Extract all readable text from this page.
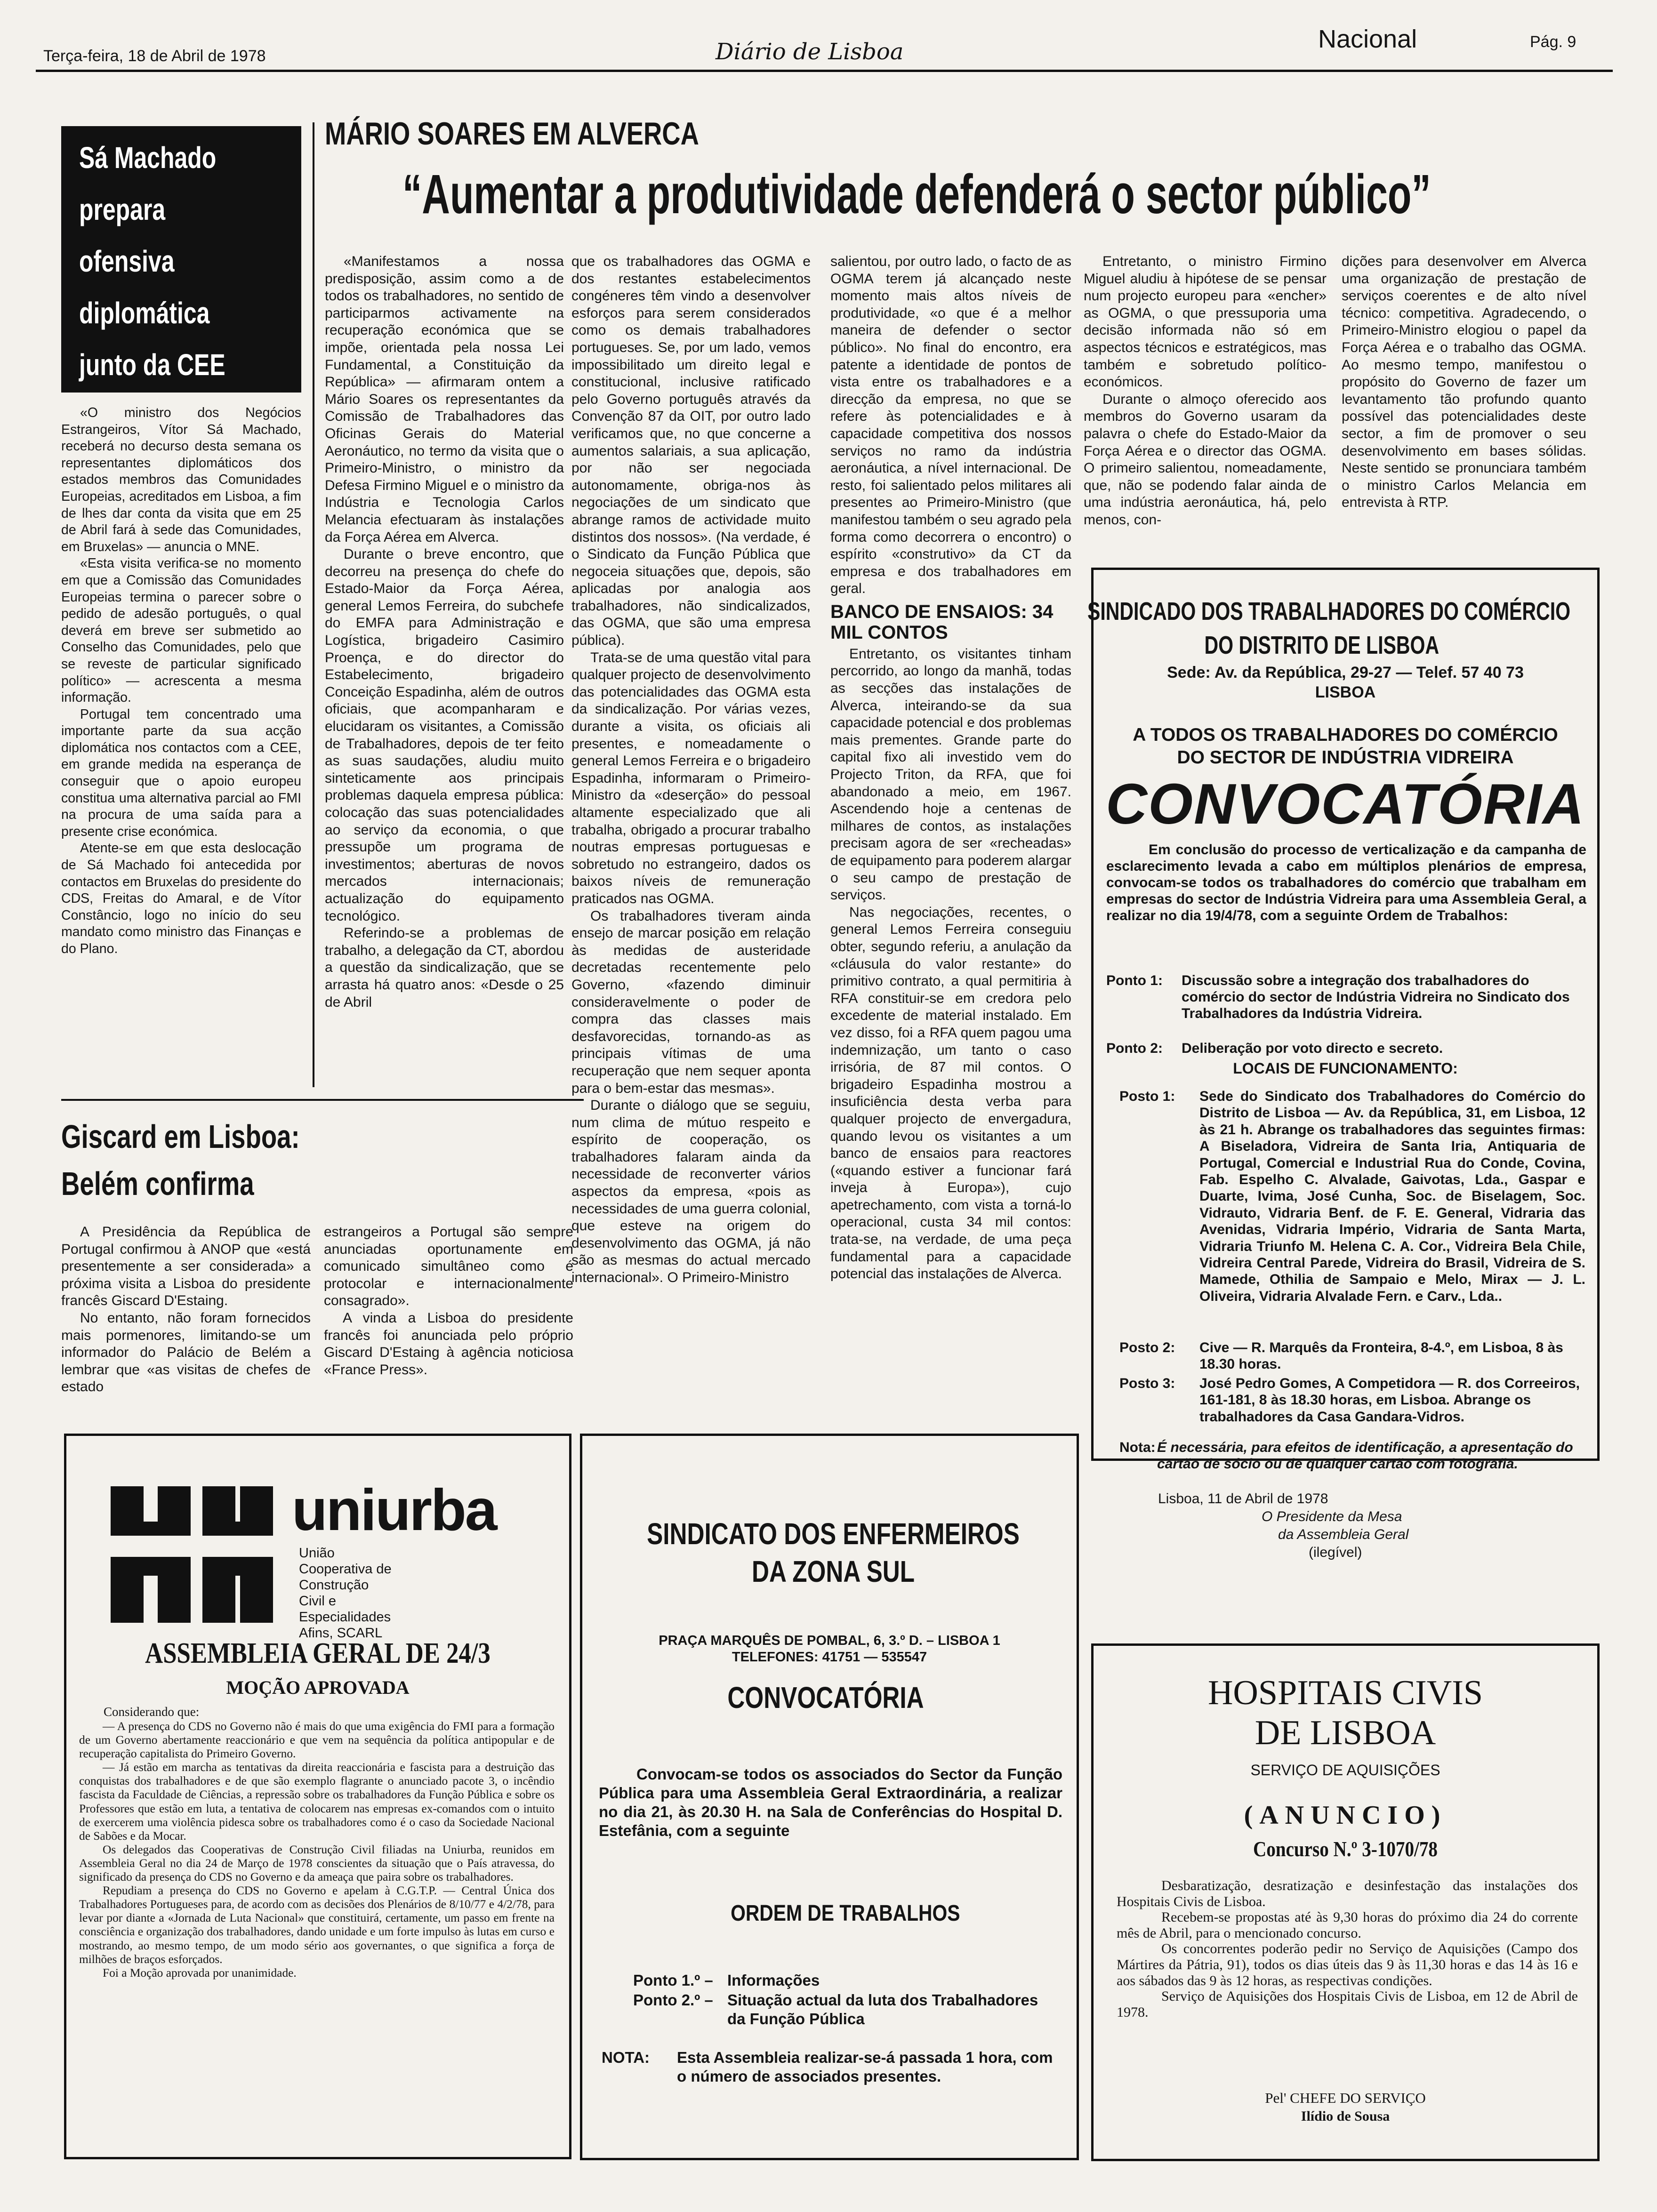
Terça-feira, 18 de Abril de 1978	Diário de Lisboa	Nacional	Pág. 9
Sá Machado
prepara
ofensiva
diplomática
junto da CEE

«O ministro dos Negócios Estrangeiros, Vítor Sá Machado, receberá no decurso desta semana os representantes diplomáticos dos estados membros das Comunidades Europeias, acreditados em Lisboa, a fim de lhes dar conta da visita que em 25 de Abril fará à sede das Comunidades, em Bruxelas» — anuncia o MNE.

«Esta visita verifica-se no momento em que a Comissão das Comunidades Europeias termina o parecer sobre o pedido de adesão português, o qual deverá em breve ser submetido ao Conselho das Comunidades, pelo que se reveste de particular significado político» — acrescenta a mesma informação.

Portugal tem concentrado uma importante parte da sua acção diplomática nos contactos com a CEE, em grande medida na esperança de conseguir que o apoio europeu constitua uma alternativa parcial ao FMI na procura de uma saída para a presente crise económica.

Atente-se em que esta deslocação de Sá Machado foi antecedida por contactos em Bruxelas do presidente do CDS, Freitas do Amaral, e de Vítor Constâncio, logo no início do seu mandato como ministro das Finanças e do Plano.

MÁRIO SOARES EM ALVERCA
“Aumentar a produtividade defenderá o sector público”

«Manifestamos a nossa predisposição, assim como a de todos os trabalhadores, no sentido de participarmos activamente na recuperação económica que se impõe, orientada pela nossa Lei Fundamental, a Constituição da República» — afirmaram ontem a Mário Soares os representantes da Comissão de Trabalhadores das Oficinas Gerais do Material Aeronáutico, no termo da visita que o Primeiro-Ministro, o ministro da Defesa Firmino Miguel e o ministro da Indústria e Tecnologia Carlos Melancia efectuaram às instalações da Força Aérea em Alverca.

Durante o breve encontro, que decorreu na presença do chefe do Estado-Maior da Força Aérea, general Lemos Ferreira, do subchefe do EMFA para Administração e Logística, brigadeiro Casimiro Proença, e do director do Estabelecimento, brigadeiro Conceição Espadinha, além de outros oficiais, que acompanharam e elucidaram os visitantes, a Comissão de Trabalhadores, depois de ter feito as suas saudações, aludiu muito sinteticamente aos principais problemas daquela empresa pública: colocação das suas potencialidades ao serviço da economia, o que pressupõe um programa de investimentos; aberturas de novos mercados internacionais; actualização do equipamento tecnológico.

Referindo-se a problemas de trabalho, a delegação da CT, abordou a questão da sindicalização, que se arrasta há quatro anos: «Desde o 25 de Abril

que os trabalhadores das OGMA e dos restantes estabelecimentos congéneres têm vindo a desenvolver esforços para serem considerados como os demais trabalhadores portugueses. Se, por um lado, vemos impossibilitado um direito legal e constitucional, inclusive ratificado pelo Governo português através da Convenção 87 da OIT, por outro lado verificamos que, no que concerne a aumentos salariais, a sua aplicação, por não ser negociada autonomamente, obriga-nos às negociações de um sindicato que abrange ramos de actividade muito distintos dos nossos». (Na verdade, é o Sindicato da Função Pública que negoceia situações que, depois, são aplicadas por analogia aos trabalhadores, não sindicalizados, das OGMA, que são uma empresa pública).

Trata-se de uma questão vital para qualquer projecto de desenvolvimento das potencialidades das OGMA esta da sindicalização. Por várias vezes, durante a visita, os oficiais ali presentes, e nomeadamente o general Lemos Ferreira e o brigadeiro Espadinha, informaram o Primeiro-Ministro da «deserção» do pessoal altamente especializado que ali trabalha, obrigado a procurar trabalho noutras empresas portuguesas e sobretudo no estrangeiro, dados os baixos níveis de remuneração praticados nas OGMA.

Os trabalhadores tiveram ainda ensejo de marcar posição em relação às medidas de austeridade decretadas recentemente pelo Governo, «fazendo diminuir consideravelmente o poder de compra das classes mais desfavorecidas, tornando-as as principais vítimas de uma recuperação que nem sequer aponta para o bem-estar das mesmas».

Durante o diálogo que se seguiu, num clima de mútuo respeito e espírito de cooperação, os trabalhadores falaram ainda da necessidade de reconverter vários aspectos da empresa, «pois as necessidades de uma guerra colonial, que esteve na origem do desenvolvimento das OGMA, já não são as mesmas do actual mercado internacional». O Primeiro-Ministro

salientou, por outro lado, o facto de as OGMA terem já alcançado neste momento mais altos níveis de produtividade, «o que é a melhor maneira de defender o sector público». No final do encontro, era patente a identidade de pontos de vista entre os trabalhadores e a direcção da empresa, no que se refere às potencialidades e à capacidade competitiva dos nossos serviços no ramo da indústria aeronáutica, a nível internacional. De resto, foi salientado pelos militares ali presentes ao Primeiro-Ministro (que manifestou também o seu agrado pela forma como decorrera o encontro) o espírito «construtivo» da CT da empresa e dos trabalhadores em geral.

BANCO DE ENSAIOS: 34 MIL CONTOS

Entretanto, os visitantes tinham percorrido, ao longo da manhã, todas as secções das instalações de Alverca, inteirando-se da sua capacidade potencial e dos problemas mais prementes. Grande parte do capital fixo ali investido vem do Projecto Triton, da RFA, que foi abandonado a meio, em 1967. Ascendendo hoje a centenas de milhares de contos, as instalações precisam agora de ser «recheadas» de equipamento para poderem alargar o seu campo de prestação de serviços.

Nas negociações, recentes, o general Lemos Ferreira conseguiu obter, segundo referiu, a anulação da «cláusula do valor restante» do primitivo contrato, a qual permitiria à RFA constituir-se em credora pelo excedente de material instalado. Em vez disso, foi a RFA quem pagou uma indemnização, um tanto o caso irrisória, de 87 mil contos. O brigadeiro Espadinha mostrou a insuficiência desta verba para qualquer projecto de envergadura, quando levou os visitantes a um banco de ensaios para reactores («quando estiver a funcionar fará inveja à Europa»), cujo apetrechamento, com vista a torná-lo operacional, custa 34 mil contos: trata-se, na verdade, de uma peça fundamental para a capacidade potencial das instalações de Alverca.

Entretanto, o ministro Firmino Miguel aludiu à hipótese de se pensar num projecto europeu para «encher» as OGMA, o que pressuporia uma decisão informada não só em aspectos técnicos e estratégicos, mas também e sobretudo político-económicos.

Durante o almoço oferecido aos membros do Governo usaram da palavra o chefe do Estado-Maior da Força Aérea e o director das OGMA. O primeiro salientou, nomeadamente, que, não se podendo falar ainda de uma indústria aeronáutica, há, pelo menos, con-

dições para desenvolver em Alverca uma organização de prestação de serviços coerentes e de alto nível técnico: competitiva. Agradecendo, o Primeiro-Ministro elogiou o papel da Força Aérea e o trabalho das OGMA. Ao mesmo tempo, manifestou o propósito do Governo de fazer um levantamento tão profundo quanto possível das potencialidades deste sector, a fim de promover o seu desenvolvimento em bases sólidas. Neste sentido se pronunciara também o ministro Carlos Melancia em entrevista à RTP.

Giscard em Lisboa:
Belém confirma

A Presidência da República de Portugal confirmou à ANOP que «está presentemente a ser considerada» a próxima visita a Lisboa do presidente francês Giscard D'Estaing.

No entanto, não foram fornecidos mais pormenores, limitando-se um informador do Palácio de Belém a lembrar que «as visitas de chefes de estado

estrangeiros a Portugal são sempre anunciadas oportunamente em comunicado simultâneo como é protocolar e internacionalmente consagrado».

A vinda a Lisboa do presidente francês foi anunciada pelo próprio Giscard D'Estaing à agência noticiosa «France Press».

SINDICADO DOS TRABALHADORES DO COMÉRCIO
DO DISTRITO DE LISBOA
Sede: Av. da República, 29-27 — Telef. 57 40 73
LISBOA
A TODOS OS TRABALHADORES DO COMÉRCIO
DO SECTOR DE INDÚSTRIA VIDREIRA
CONVOCATÓRIA
Em conclusão do processo de verticalização e da campanha de esclarecimento levada a cabo em múltiplos plenários de empresa, convocam-se todos os trabalhadores do comércio que trabalham em empresas do sector de Indústria Vidreira para uma Assembleia Geral, a realizar no dia 19/4/78, com a seguinte Ordem de Trabalhos:
Ponto 1: Discussão sobre a integração dos trabalhadores do comércio do sector de Indústria Vidreira no Sindicato dos Trabalhadores da Indústria Vidreira.
Ponto 2: Deliberação por voto directo e secreto.
LOCAIS DE FUNCIONAMENTO:
Posto 1: Sede do Sindicato dos Trabalhadores do Comércio do Distrito de Lisboa — Av. da República, 31, em Lisboa, 12 às 21 h. Abrange os trabalhadores das seguintes firmas: A Biseladora, Vidreira de Santa Iria, Antiquaria de Portugal, Comercial e Industrial Rua do Conde, Covina, Fab. Espelho C. Alvalade, Gaivotas, Lda., Gaspar e Duarte, Ivima, José Cunha, Soc. de Biselagem, Soc. Vidrauto, Vidraria Benf. de F. E. General, Vidraria das Avenidas, Vidraria Império, Vidraria de Santa Marta, Vidraria Triunfo M. Helena C. A. Cor., Vidreira Bela Chile, Vidreira Central Parede, Vidreira do Brasil, Vidreira de S. Mamede, Othilia de Sampaio e Melo, Mirax — J. L. Oliveira, Vidraria Alvalade Fern. e Carv., Lda..
Posto 2: Cive — R. Marquês da Fronteira, 8-4.º, em Lisboa, 8 às 18.30 horas.
Posto 3: José Pedro Gomes, A Competidora — R. dos Correeiros, 161-181, 8 às 18.30 horas, em Lisboa. Abrange os trabalhadores da Casa Gandara-Vidros.
Nota: É necessária, para efeitos de identificação, a apresentação do cartão de sócio ou de qualquer cartão com fotografia.
Lisboa, 11 de Abril de 1978
O Presidente da Mesa
da Assembleia Geral
(ilegível)
uniurba
União
Cooperativa de
Construção
Civil e
Especialidades
Afins, SCARL
ASSEMBLEIA GERAL DE 24/3
MOÇÃO APROVADA
Considerando que:

— A presença do CDS no Governo não é mais do que uma exigência do FMI para a formação de um Governo abertamente reaccionário e que vem na sequência da política antipopular e de recuperação capitalista do Primeiro Governo.

— Já estão em marcha as tentativas da direita reaccionária e fascista para a destruição das conquistas dos trabalhadores e de que são exemplo flagrante o anunciado pacote 3, o incêndio fascista da Faculdade de Ciências, a repressão sobre os trabalhadores da Função Pública e sobre os Professores que estão em luta, a tentativa de colocarem nas empresas ex-comandos com o intuito de exercerem uma violência pidesca sobre os trabalhadores como é o caso da Sociedade Nacional de Sabões e da Mocar.

Os delegados das Cooperativas de Construção Civil filiadas na Uniurba, reunidos em Assembleia Geral no dia 24 de Março de 1978 conscientes da situação que o País atravessa, do significado da presença do CDS no Governo e da ameaça que paira sobre os trabalhadores.

Repudiam a presença do CDS no Governo e apelam à C.G.T.P. — Central Única dos Trabalhadores Portugueses para, de acordo com as decisões dos Plenários de 8/10/77 e 4/2/78, para levar por diante a «Jornada de Luta Nacional» que constituirá, certamente, um passo em frente na consciência e organização dos trabalhadores, dando unidade e um forte impulso às lutas em curso e mostrando, ao mesmo tempo, de um modo sério aos governantes, o que significa a força de milhões de braços esforçados.

Foi a Moção aprovada por unanimidade.

SINDICATO DOS ENFERMEIROS
DA ZONA SUL
PRAÇA MARQUÊS DE POMBAL, 6, 3.º D. – LISBOA 1
TELEFONES: 41751 — 535547
CONVOCATÓRIA
Convocam-se todos os associados do Sector da Função Pública para uma Assembleia Geral Extraordinária, a realizar no dia 21, às 20.30 H. na Sala de Conferências do Hospital D. Estefânia, com a seguinte
ORDEM DE TRABALHOS
Ponto 1.º – Informações
Ponto 2.º – Situação actual da luta dos Trabalhadores da Função Pública
NOTA: Esta Assembleia realizar-se-á passada 1 hora, com o número de associados presentes.
HOSPITAIS CIVIS
DE LISBOA
SERVIÇO DE AQUISIÇÕES
(ANUNCIO)
Concurso N.º 3-1070/78

Desbaratização, desratização e desinfestação das instalações dos Hospitais Civis de Lisboa.

Recebem-se propostas até às 9,30 horas do próximo dia 24 do corrente mês de Abril, para o mencionado concurso.

Os concorrentes poderão pedir no Serviço de Aquisições (Campo dos Mártires da Pátria, 91), todos os dias úteis das 9 às 11,30 horas e das 14 às 16 e aos sábados das 9 às 12 horas, as respectivas condições.

Serviço de Aquisições dos Hospitais Civis de Lisboa, em 12 de Abril de 1978.

Pel' CHEFE DO SERVIÇO
Ilídio de Sousa
